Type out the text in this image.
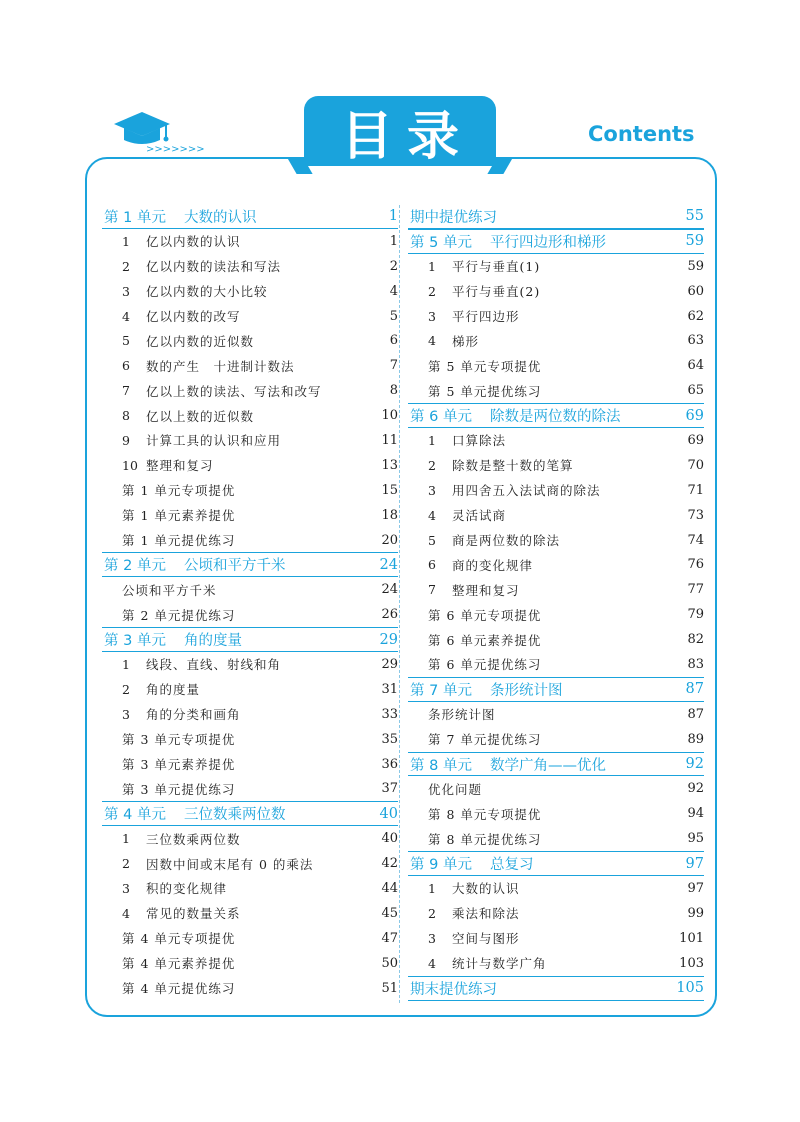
>>>>>>>	目录	Contents
第 1 单元 大数的认识	1
1	亿以内数的认识	1
2	亿以内数的读法和写法	2
3	亿以内数的大小比较	4
4	亿以内数的改写	5
5	亿以内数的近似数	6
6	数的产生　十进制计数法	7
7	亿以上数的读法、写法和改写	8
8	亿以上数的近似数	10
9	计算工具的认识和应用	11
10 整理和复习	13
第 1 单元专项提优	15
第 1 单元素养提优	18
第 1 单元提优练习	20
第 2 单元 公顷和平方千米	24
公顷和平方千米	24
第 2 单元提优练习	26
第 3 单元 角的度量	29
1	线段、直线、射线和角	29
2	角的度量	31
3	角的分类和画角	33
第 3 单元专项提优	35
第 3 单元素养提优	36
第 3 单元提优练习	37
第 4 单元 三位数乘两位数	40
1	三位数乘两位数	40
2	因数中间或末尾有 0 的乘法	42
3	积的变化规律	44
4	常见的数量关系	45
第 4 单元专项提优	47
第 4 单元素养提优	50
第 4 单元提优练习	51
期中提优练习	55
第 5 单元 平行四边形和梯形	59
1	平行与垂直(1)	59
2	平行与垂直(2)	60
3	平行四边形	62
4	梯形	63
第 5 单元专项提优	64
第 5 单元提优练习	65
第 6 单元 除数是两位数的除法	69
1	口算除法	69
2	除数是整十数的笔算	70
3	用四舍五入法试商的除法	71
4	灵活试商	73
5	商是两位数的除法	74
6	商的变化规律	76
7	整理和复习	77
第 6 单元专项提优	79
第 6 单元素养提优	82
第 6 单元提优练习	83
第 7 单元 条形统计图	87
条形统计图	87
第 7 单元提优练习	89
第 8 单元 数学广角——优化	92
优化问题	92
第 8 单元专项提优	94
第 8 单元提优练习	95
第 9 单元 总复习	97
1	大数的认识	97
2	乘法和除法	99
3	空间与图形	101
4	统计与数学广角	103
期末提优练习	105
